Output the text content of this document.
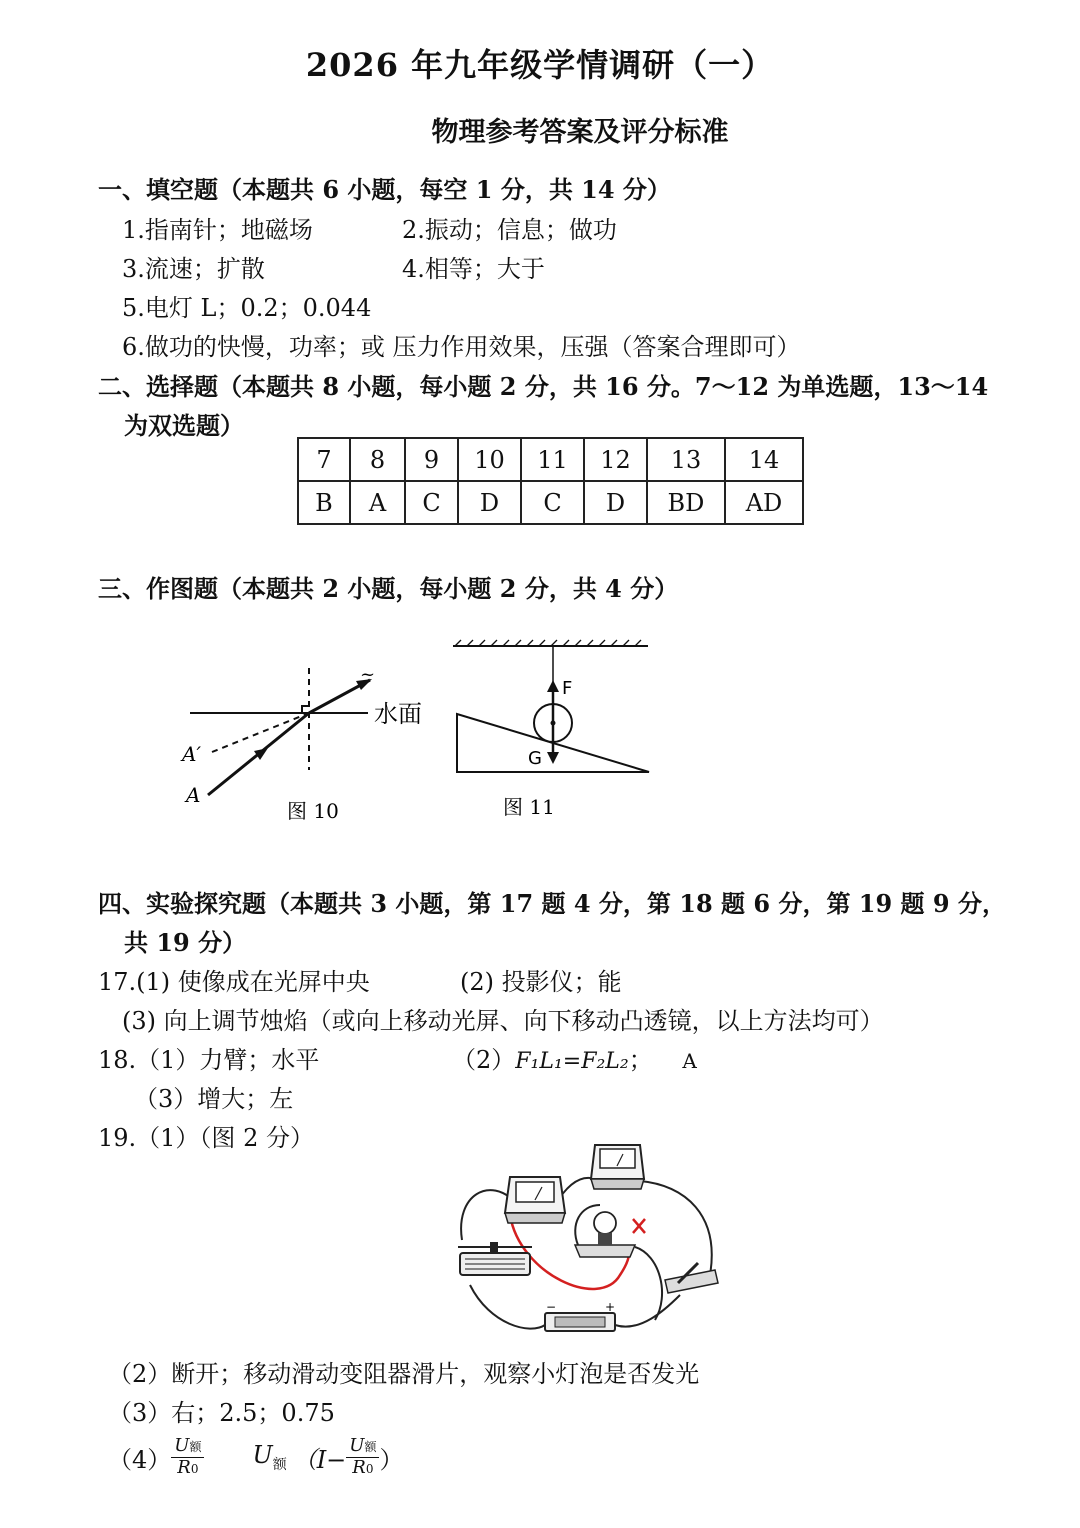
2026 年九年级学情调研（一）
物理参考答案及评分标准
一、填空题（本题共 6 小题，每空 1 分，共 14 分）
1.指南针；地磁场	2.振动；信息；做功
3.流速；扩散	4.相等；大于
5.电灯 L；0.2；0.044
6.做功的快慢，功率；或 压力作用效果，压强（答案合理即可）
二、选择题（本题共 8 小题，每小题 2 分，共 16 分。7～12 为单选题，13～14
为双选题）
7	8	9	10	11	12	13	14
B	A	C	D	C	D	BD	AD
三、作图题（本题共 2 小题，每小题 2 分，共 4 分）
~
水面
A′
A
图 10
F
G
图 11
四、实验探究题（本题共 3 小题，第 17 题 4 分，第 18 题 6 分，第 19 题 9 分，
共 19 分）
17.(1) 使像成在光屏中央	(2) 投影仪；能
(3) 向上调节烛焰（或向上移动光屏、向下移动凸透镜，以上方法均可）
18.（1）力臂；水平	（2）F₁L₁=F₂L₂； A
（3）增大；左
19.（1）（图 2 分）
−	+
（2）断开；移动滑动变阻器滑片，观察小灯泡是否发光
（3）右；2.5；0.75
$(4) \frac{\text{U额}}{R0} U_额$ （$I- \frac{\text{U额}}{R0}$ ）
